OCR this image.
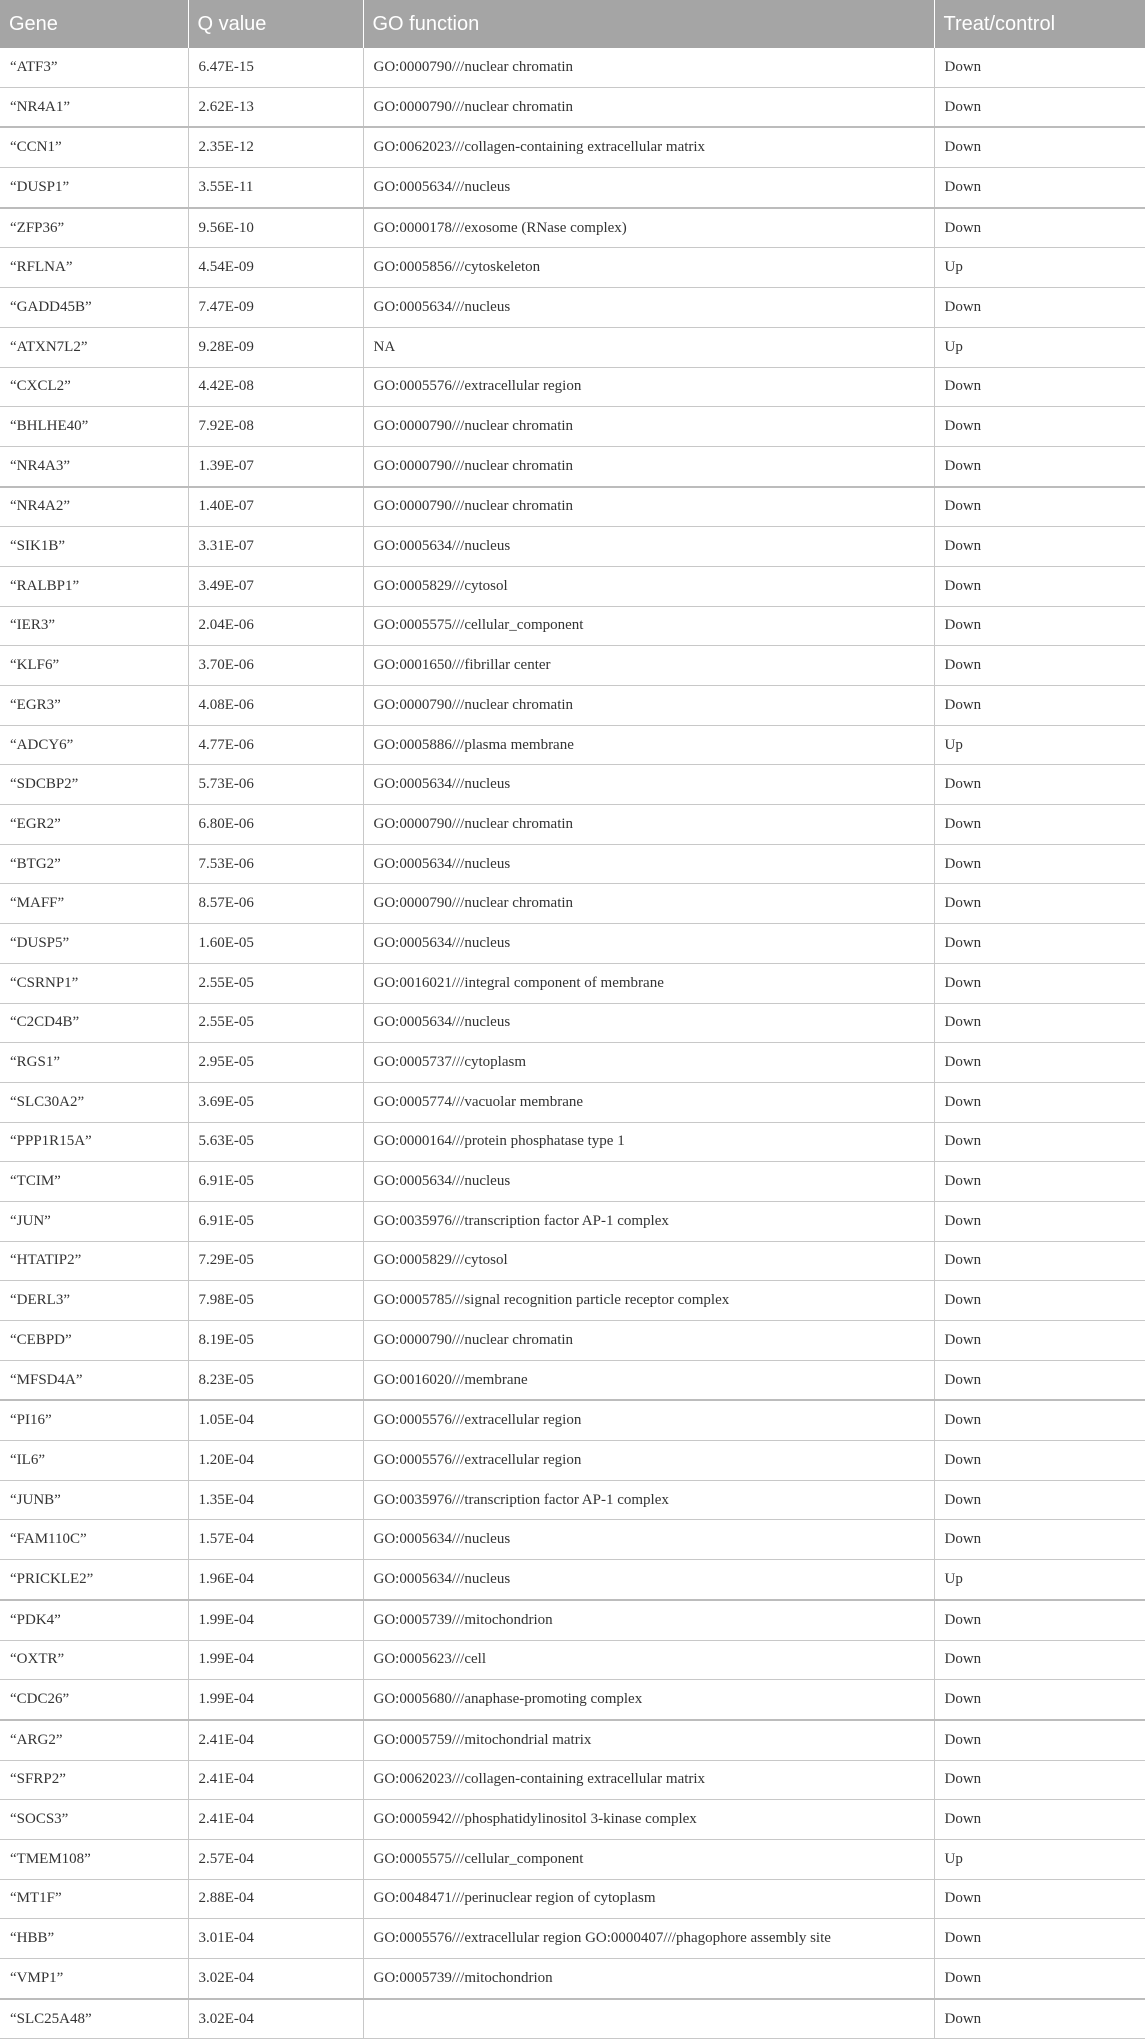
Gene	Q value	GO function	Treat/control
“ATF3”	6.47E-15	GO:0000790///nuclear chromatin	Down
“NR4A1”	2.62E-13	GO:0000790///nuclear chromatin	Down
“CCN1”	2.35E-12	GO:0062023///collagen-containing extracellular matrix	Down
“DUSP1”	3.55E-11	GO:0005634///nucleus	Down
“ZFP36”	9.56E-10	GO:0000178///exosome (RNase complex)	Down
“RFLNA”	4.54E-09	GO:0005856///cytoskeleton	Up
“GADD45B”	7.47E-09	GO:0005634///nucleus	Down
“ATXN7L2”	9.28E-09	NA	Up
“CXCL2”	4.42E-08	GO:0005576///extracellular region	Down
“BHLHE40”	7.92E-08	GO:0000790///nuclear chromatin	Down
“NR4A3”	1.39E-07	GO:0000790///nuclear chromatin	Down
“NR4A2”	1.40E-07	GO:0000790///nuclear chromatin	Down
“SIK1B”	3.31E-07	GO:0005634///nucleus	Down
“RALBP1”	3.49E-07	GO:0005829///cytosol	Down
“IER3”	2.04E-06	GO:0005575///cellular_component	Down
“KLF6”	3.70E-06	GO:0001650///fibrillar center	Down
“EGR3”	4.08E-06	GO:0000790///nuclear chromatin	Down
“ADCY6”	4.77E-06	GO:0005886///plasma membrane	Up
“SDCBP2”	5.73E-06	GO:0005634///nucleus	Down
“EGR2”	6.80E-06	GO:0000790///nuclear chromatin	Down
“BTG2”	7.53E-06	GO:0005634///nucleus	Down
“MAFF”	8.57E-06	GO:0000790///nuclear chromatin	Down
“DUSP5”	1.60E-05	GO:0005634///nucleus	Down
“CSRNP1”	2.55E-05	GO:0016021///integral component of membrane	Down
“C2CD4B”	2.55E-05	GO:0005634///nucleus	Down
“RGS1”	2.95E-05	GO:0005737///cytoplasm	Down
“SLC30A2”	3.69E-05	GO:0005774///vacuolar membrane	Down
“PPP1R15A”	5.63E-05	GO:0000164///protein phosphatase type 1	Down
“TCIM”	6.91E-05	GO:0005634///nucleus	Down
“JUN”	6.91E-05	GO:0035976///transcription factor AP-1 complex	Down
“HTATIP2”	7.29E-05	GO:0005829///cytosol	Down
“DERL3”	7.98E-05	GO:0005785///signal recognition particle receptor complex	Down
“CEBPD”	8.19E-05	GO:0000790///nuclear chromatin	Down
“MFSD4A”	8.23E-05	GO:0016020///membrane	Down
“PI16”	1.05E-04	GO:0005576///extracellular region	Down
“IL6”	1.20E-04	GO:0005576///extracellular region	Down
“JUNB”	1.35E-04	GO:0035976///transcription factor AP-1 complex	Down
“FAM110C”	1.57E-04	GO:0005634///nucleus	Down
“PRICKLE2”	1.96E-04	GO:0005634///nucleus	Up
“PDK4”	1.99E-04	GO:0005739///mitochondrion	Down
“OXTR”	1.99E-04	GO:0005623///cell	Down
“CDC26”	1.99E-04	GO:0005680///anaphase-promoting complex	Down
“ARG2”	2.41E-04	GO:0005759///mitochondrial matrix	Down
“SFRP2”	2.41E-04	GO:0062023///collagen-containing extracellular matrix	Down
“SOCS3”	2.41E-04	GO:0005942///phosphatidylinositol 3-kinase complex	Down
“TMEM108”	2.57E-04	GO:0005575///cellular_component	Up
“MT1F”	2.88E-04	GO:0048471///perinuclear region of cytoplasm	Down
“HBB”	3.01E-04	GO:0005576///extracellular region GO:0000407///phagophore assembly site	Down
“VMP1”	3.02E-04	GO:0005739///mitochondrion	Down
“SLC25A48”	3.02E-04		Down
